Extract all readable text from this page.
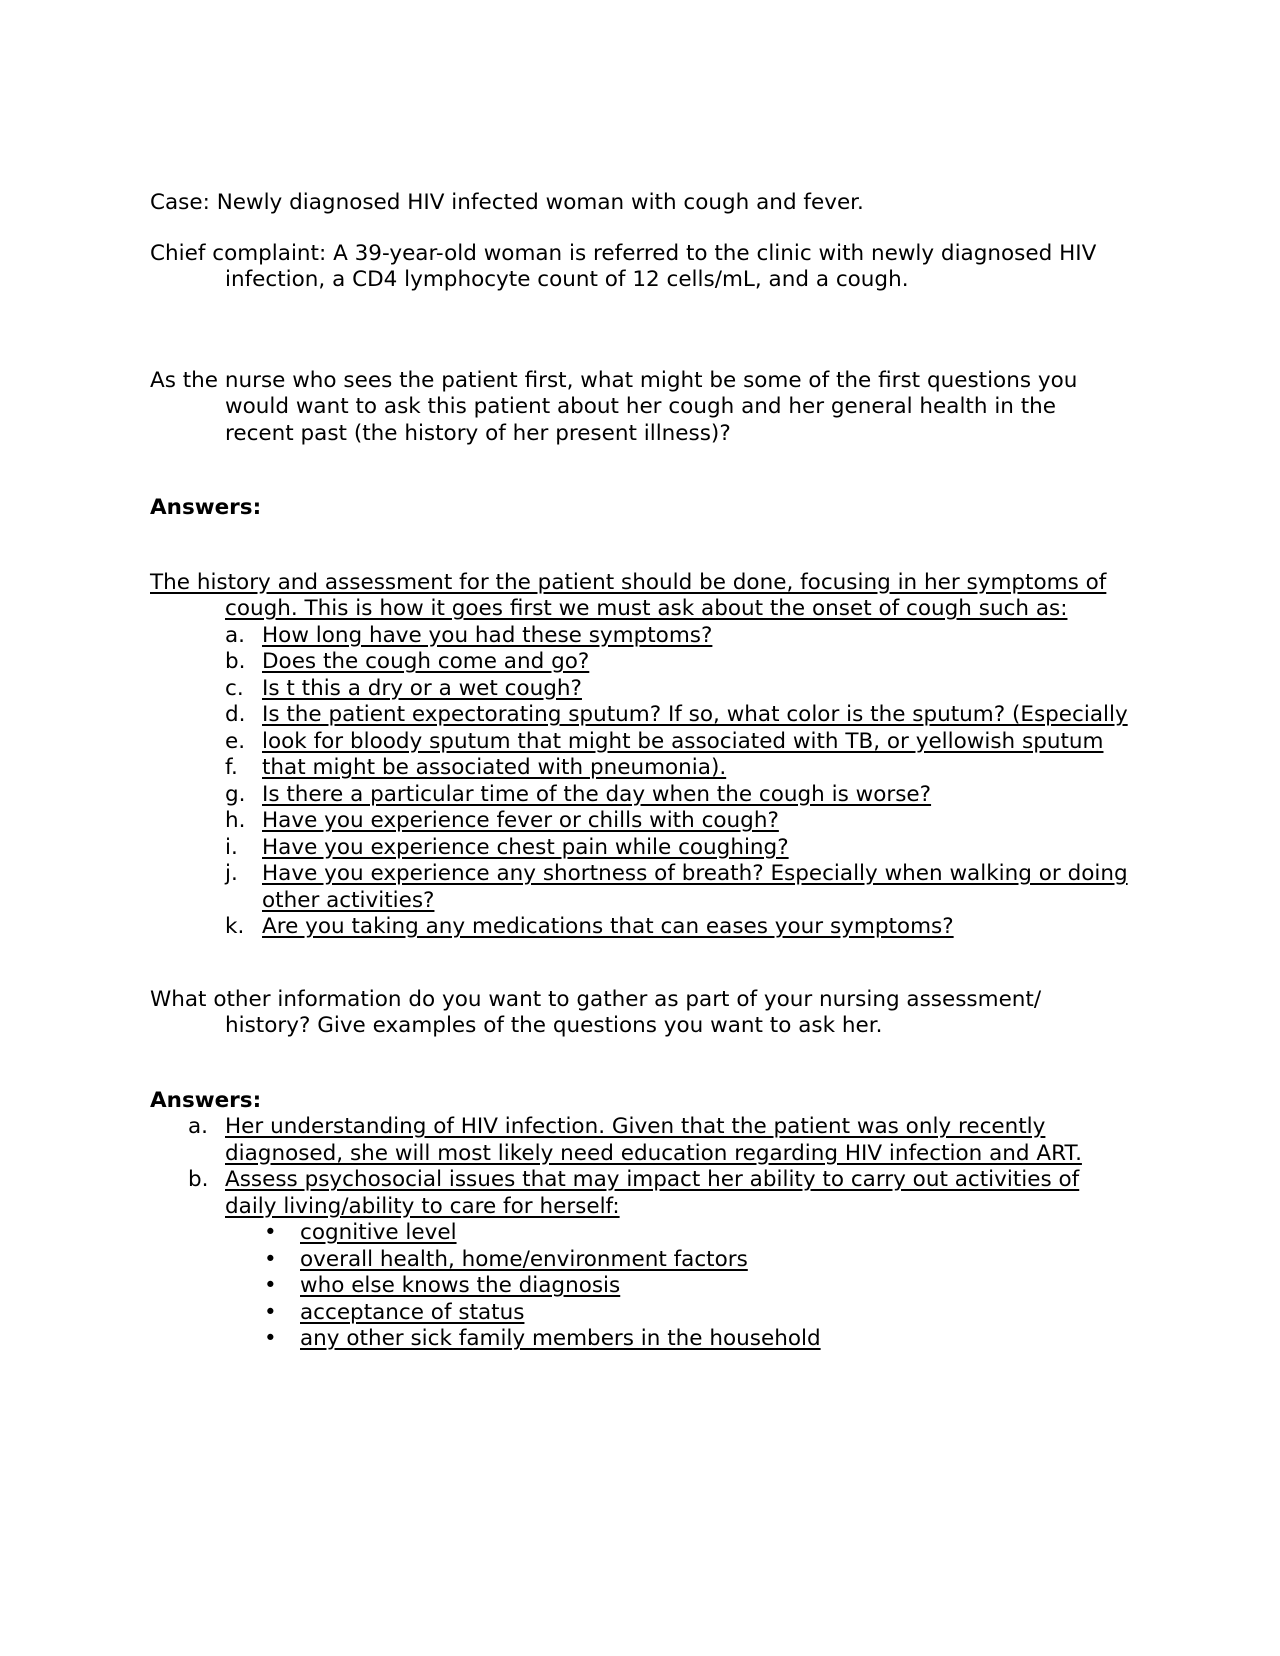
Case: Newly diagnosed HIV infected woman with cough and fever.

Chief complaint: A 39-year-old woman is referred to the clinic with newly diagnosed HIV infection, a CD4 lymphocyte count of 12 cells/mL, and a cough.

As the nurse who sees the patient first, what might be some of the first questions you would want to ask this patient about her cough and her general health in the recent past (the history of her present illness)?

Answers:

The history and assessment for the patient should be done, focusing in her symptoms of cough. This is how it goes first we must ask about the onset of cough such as:

a. How long have you had these symptoms?
b. Does the cough come and go?
c. Is t this a dry or a wet cough?
d. Is the patient expectorating sputum? If so, what color is the sputum? (Especially
e. look for bloody sputum that might be associated with TB, or yellowish sputum
f. that might be associated with pneumonia).
g. Is there a particular time of the day when the cough is worse?
h. Have you experience fever or chills with cough?
i. Have you experience chest pain while coughing?
j. Have you experience any shortness of breath? Especially when walking or doing other activities?
k. Are you taking any medications that can eases your symptoms?

What other information do you want to gather as part of your nursing assessment/ history? Give examples of the questions you want to ask her.

Answers:

a. Her understanding of HIV infection. Given that the patient was only recently diagnosed, she will most likely need education regarding HIV infection and ART.
b. Assess psychosocial issues that may impact her ability to carry out activities of daily living/ability to care for herself:
• cognitive level
• overall health, home/environment factors
• who else knows the diagnosis
• acceptance of status
• any other sick family members in the household
